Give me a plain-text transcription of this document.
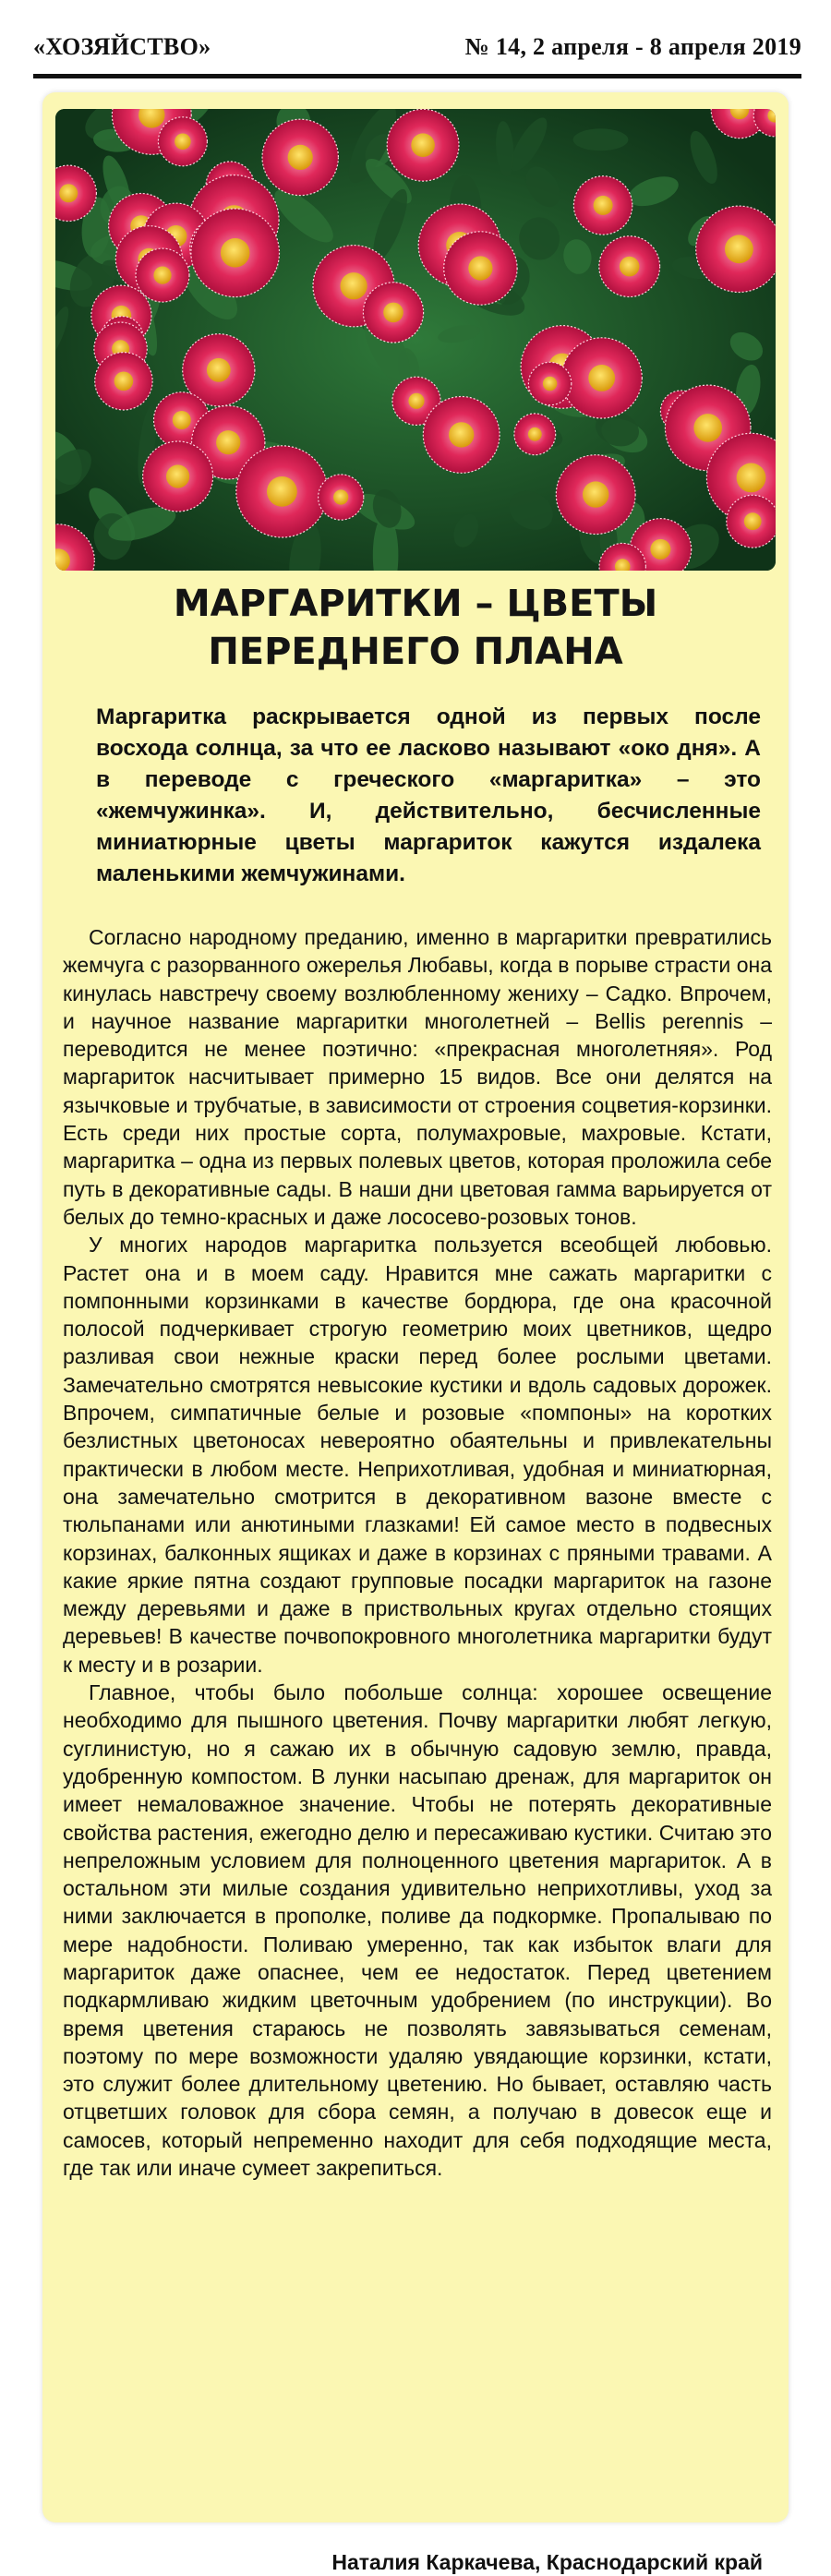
«ХОЗЯЙСТВО»	№ 14, 2 апреля - 8 апреля 2019
МАРГАРИТКИ – ЦВЕТЫ
ПЕРЕДНЕГО ПЛАНА

Маргаритка раскрывается одной из первых после восхода солнца, за что ее ласково называют «око дня». А в переводе с греческого «маргаритка» – это «жемчужинка». И, действительно, бесчисленные миниатюрные цветы маргариток кажутся издалека маленькими жемчужинами.

Согласно народному преданию, именно в маргаритки превратились жемчуга с разорванного ожерелья Любавы, когда в порыве страсти она кинулась навстречу своему возлюбленному жениху – Садко. Впрочем, и научное название маргаритки многолетней – Bellis perennis – переводится не менее поэтично: «прекрасная многолетняя». Род маргариток насчитывает примерно 15 видов. Все они делятся на язычковые и трубчатые, в зависимости от строения соцветия-корзинки. Есть среди них простые сорта, полумахровые, махровые. Кстати, маргаритка – одна из первых полевых цветов, которая проложила себе путь в декоративные сады. В наши дни цветовая гамма варьируется от белых до темно-красных и даже лососево-розовых тонов.

У многих народов маргаритка пользуется всеобщей любовью. Растет она и в моем саду. Нравится мне сажать маргаритки с помпонными корзинками в качестве бордюра, где она красочной полосой подчеркивает строгую геометрию моих цветников, щедро разливая свои нежные краски перед более рослыми цветами. Замечательно смотрятся невысокие кустики и вдоль садовых дорожек. Впрочем, симпатичные белые и розовые «помпоны» на коротких безлистных цветоносах невероятно обаятельны и привлекательны практически в любом месте. Неприхотливая, удобная и миниатюрная, она замечательно смотрится в декоративном вазоне вместе с тюльпанами или анютиными глазками! Ей самое место в подвесных корзинах, балконных ящиках и даже в корзинах с пряными травами. А какие яркие пятна создают групповые посадки маргариток на газоне между деревьями и даже в приствольных кругах отдельно стоящих деревьев! В качестве почвопокровного многолетника маргаритки будут к месту и в розарии.

Главное, чтобы было побольше солнца: хорошее освещение необходимо для пышного цветения. Почву маргаритки любят легкую, суглинистую, но я сажаю их в обычную садовую землю, правда, удобренную компостом. В лунки насыпаю дренаж, для маргариток он имеет немаловажное значение. Чтобы не потерять декоративные свойства растения, ежегодно делю и пересаживаю кустики. Считаю это непреложным условием для полноценного цветения маргариток. А в остальном эти милые создания удивительно неприхотливы, уход за ними заключается в прополке, поливе да подкормке. Пропалываю по мере надобности. Поливаю умеренно, так как избыток влаги для маргариток даже опаснее, чем ее недостаток. Перед цветением подкармливаю жидким цветочным удобрением (по инструкции). Во время цветения стараюсь не позволять завязываться семенам, поэтому по мере возможности удаляю увядающие корзинки, кстати, это служит более длительному цветению. Но бывает, оставляю часть отцветших головок для сбора семян, а получаю в довесок еще и самосев, который непременно находит для себя подходящие места, где так или иначе сумеет закрепиться.

Наталия Каркачева, Краснодарский край
